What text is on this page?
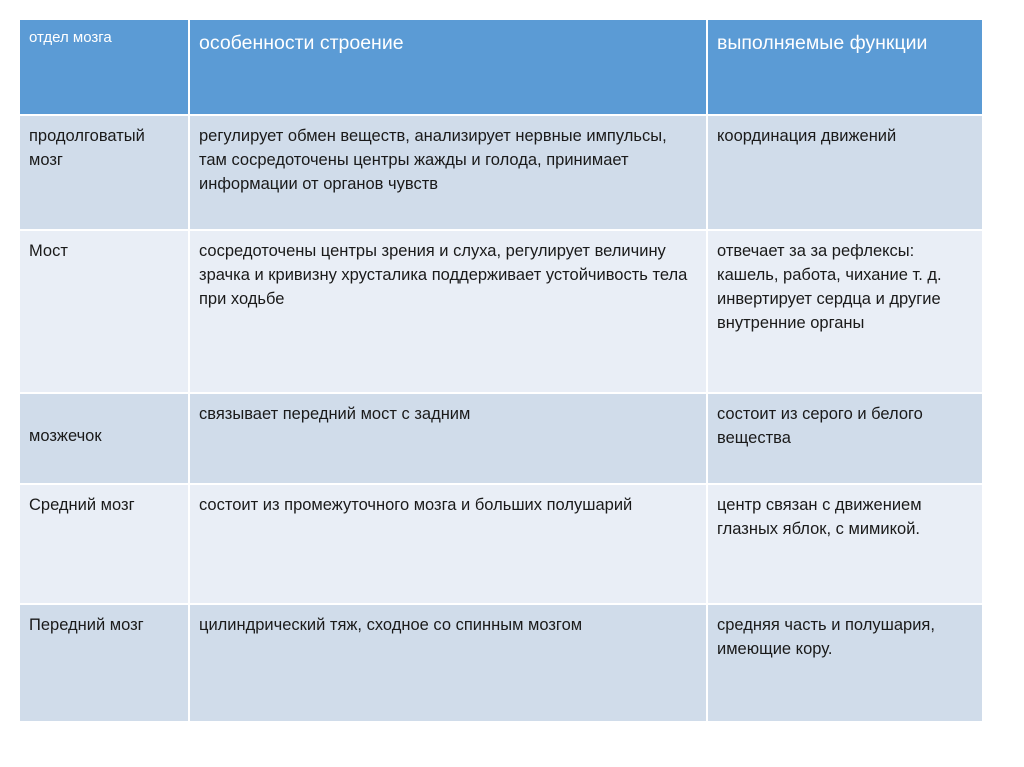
отдел мозга	особенности строение	выполняемые функции
продолговатый мозг	регулирует обмен веществ, анализирует нервные импульсы, там сосредоточены центры жажды и голода, принимает информации от органов чувств	координация движений
Мост	сосредоточены центры зрения и слуха, регулирует величину зрачка и кривизну хрусталика поддерживает устойчивость тела при ходьбе	отвечает за за рефлексы: кашель, работа, чихание т. д. инвертирует сердца и другие внутренние органы
мозжечок	связывает передний мост с задним	состоит из серого и белого вещества
Средний мозг	состоит из промежуточного мозга и больших полушарий	центр связан с движением глазных яблок, с мимикой.
Передний мозг	цилиндрический тяж, сходное со спинным мозгом	средняя часть и полушария, имеющие кору.
